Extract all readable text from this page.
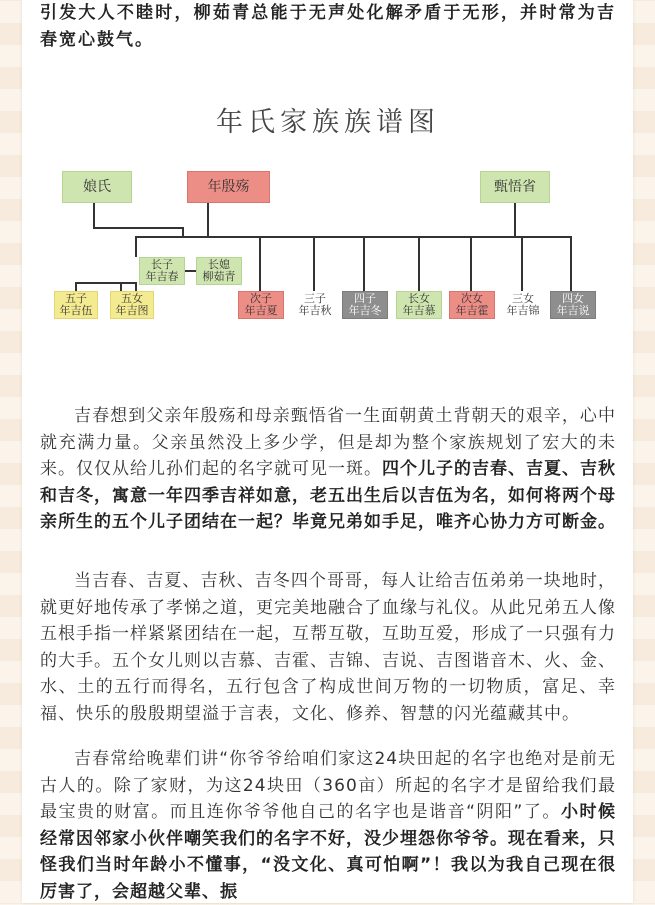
引发大人不睦时，柳茹青总能于无声处化解矛盾于无形，并时常为吉春宽心鼓气。

年氏家族族谱图
娘氏	年殷殇	甄悟省
长子
年吉春
长媳
柳茹青
五子
年吉伍
五女
年吉图
次子
年吉夏
三子
年吉秋
四子
年吉冬
长女
年吉慕
次女
年吉霍
三女
年吉锦
四女
年吉说

吉春想到父亲年殷殇和母亲甄悟省一生面朝黄土背朝天的艰辛，心中就充满力量。父亲虽然没上多少学，但是却为整个家族规划了宏大的未来。仅仅从给儿孙们起的名字就可见一斑。四个儿子的吉春、吉夏、吉秋和吉冬，寓意一年四季吉祥如意，老五出生后以吉伍为名，如何将两个母亲所生的五个儿子团结在一起？毕竟兄弟如手足，唯齐心协力方可断金。

当吉春、吉夏、吉秋、吉冬四个哥哥，每人让给吉伍弟弟一块地时，就更好地传承了孝悌之道，更完美地融合了血缘与礼仪。从此兄弟五人像五根手指一样紧紧团结在一起，互帮互敬，互助互爱，形成了一只强有力的大手。五个女儿则以吉慕、吉霍、吉锦、吉说、吉图谐音木、火、金、水、土的五行而得名，五行包含了构成世间万物的一切物质，富足、幸福、快乐的殷殷期望溢于言表，文化、修养、智慧的闪光蕴藏其中。

吉春常给晚辈们讲“你爷爷给咱们家这24块田起的名字也绝对是前无古人的。除了家财，为这24块田（360亩）所起的名字才是留给我们最最宝贵的财富。而且连你爷爷他自己的名字也是谐音“阴阳”了。小时候经常因邻家小伙伴嘲笑我们的名字不好，没少埋怨你爷爷。现在看来，只怪我们当时年龄小不懂事，“没文化、真可怕啊”！我以为我自己现在很厉害了，会超越父辈、振
